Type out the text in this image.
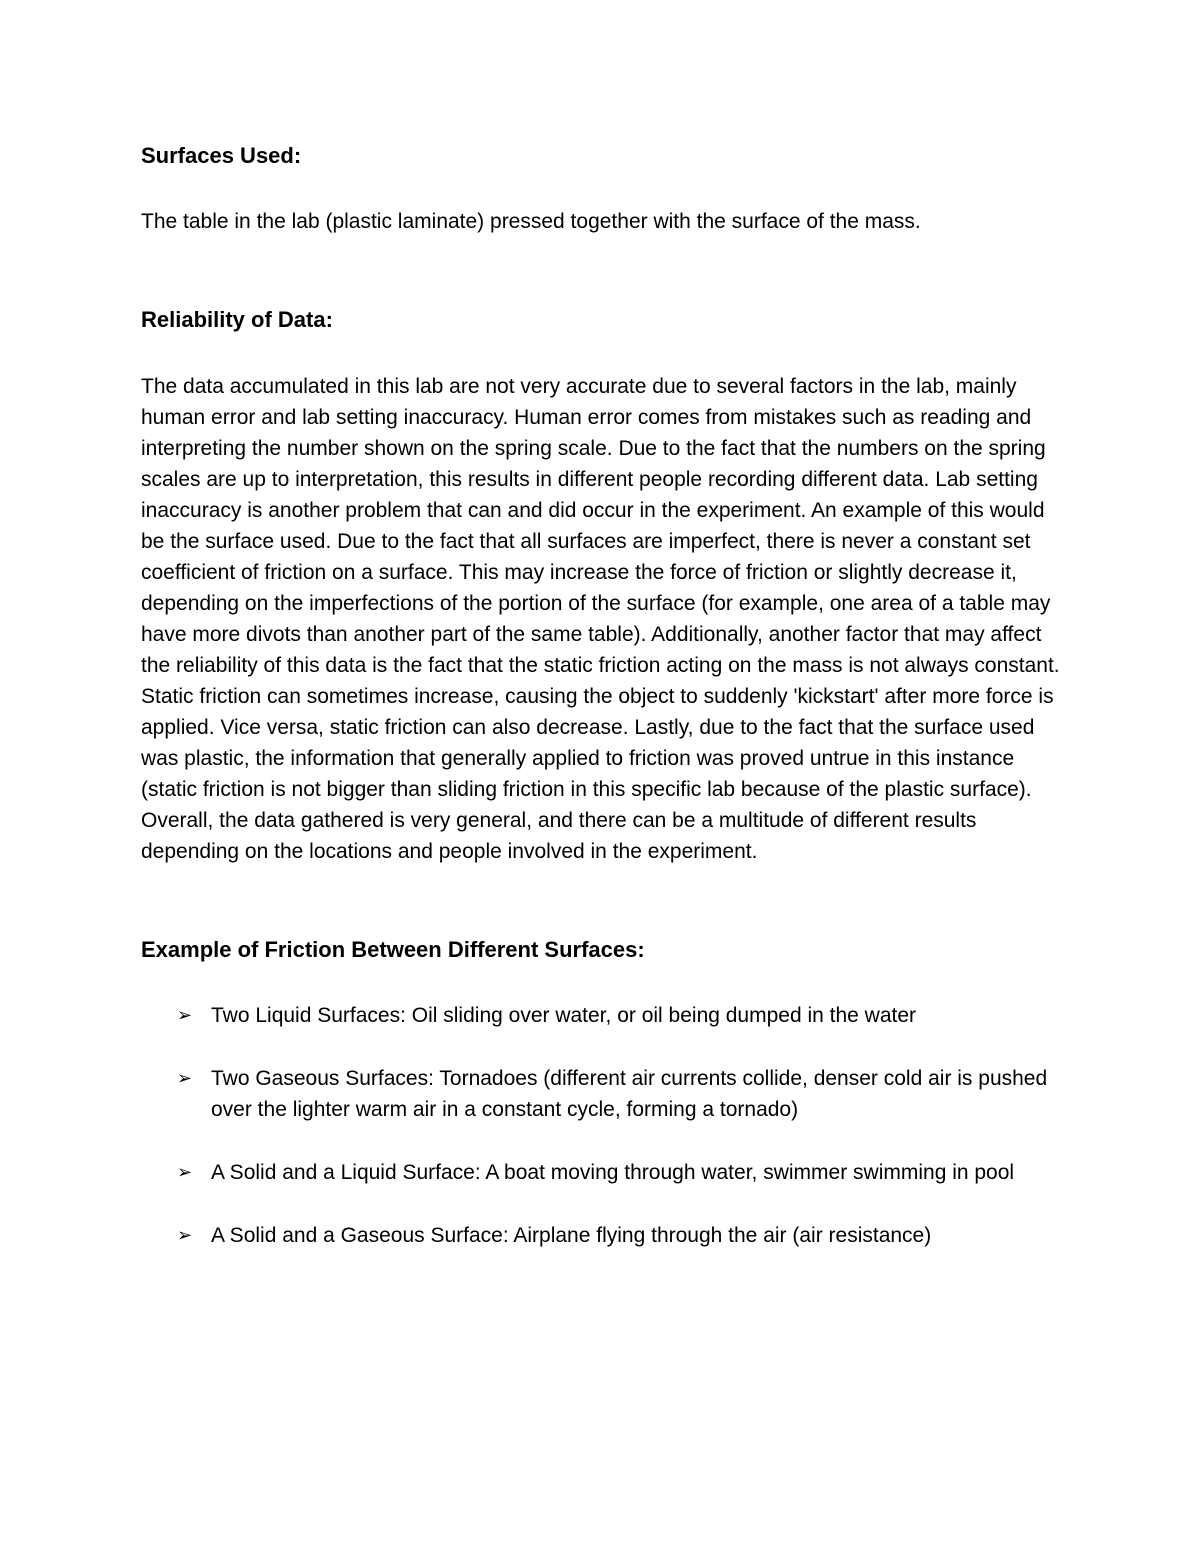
Surfaces Used:

The table in the lab (plastic laminate) pressed together with the surface of the mass.

Reliability of Data:

The data accumulated in this lab are not very accurate due to several factors in the lab, mainly human error and lab setting inaccuracy. Human error comes from mistakes such as reading and interpreting the number shown on the spring scale. Due to the fact that the numbers on the spring scales are up to interpretation, this results in different people recording different data. Lab setting inaccuracy is another problem that can and did occur in the experiment. An example of this would be the surface used. Due to the fact that all surfaces are imperfect, there is never a constant set coefficient of friction on a surface. This may increase the force of friction or slightly decrease it, depending on the imperfections of the portion of the surface (for example, one area of a table may have more divots than another part of the same table). Additionally, another factor that may affect the reliability of this data is the fact that the static friction acting on the mass is not always constant. Static friction can sometimes increase, causing the object to suddenly 'kickstart' after more force is applied. Vice versa, static friction can also decrease. Lastly, due to the fact that the surface used was plastic, the information that generally applied to friction was proved untrue in this instance (static friction is not bigger than sliding friction in this specific lab because of the plastic surface). Overall, the data gathered is very general, and there can be a multitude of different results depending on the locations and people involved in the experiment.

Example of Friction Between Different Surfaces:
➢ Two Liquid Surfaces: Oil sliding over water, or oil being dumped in the water
➢ Two Gaseous Surfaces: Tornadoes (different air currents collide, denser cold air is pushed over the lighter warm air in a constant cycle, forming a tornado)
➢ A Solid and a Liquid Surface: A boat moving through water, swimmer swimming in pool
➢ A Solid and a Gaseous Surface: Airplane flying through the air (air resistance)
